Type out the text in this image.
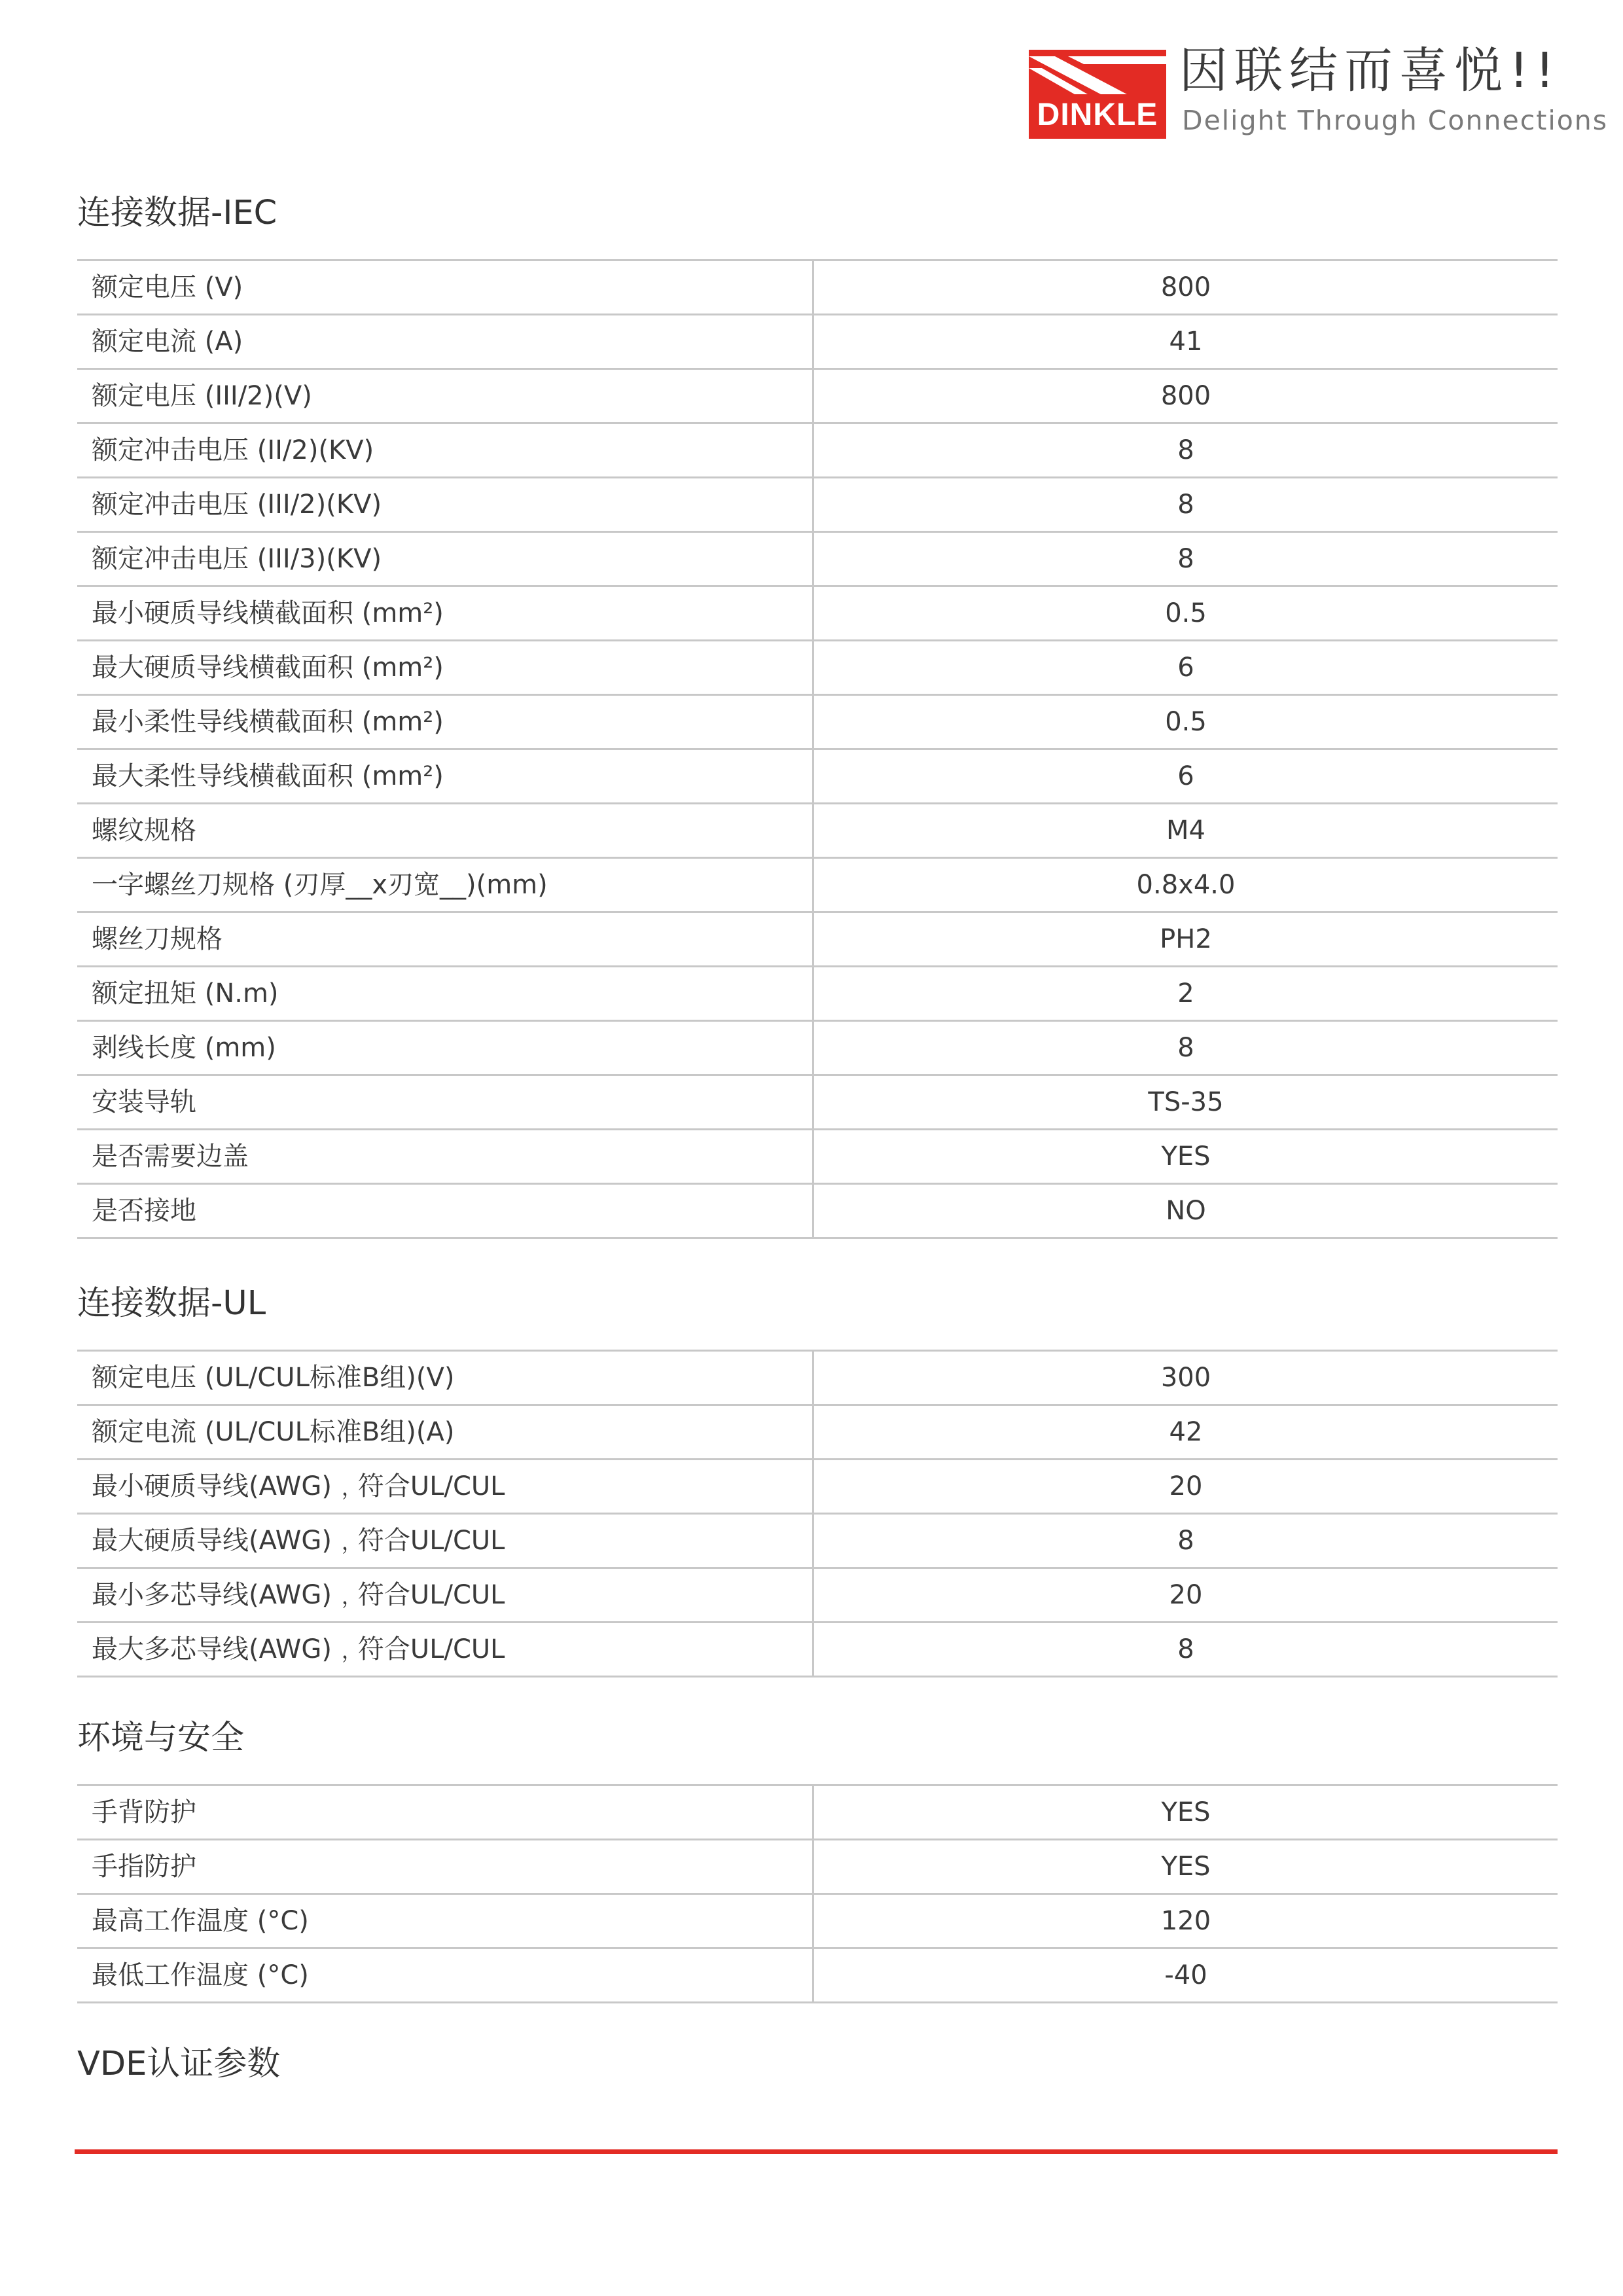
DINKLE
因联结而喜悦!!
Delight Through Connections
连接数据-IEC
额定电压 (V)	800
额定电流 (A)	41
额定电压 (III/2)(V)	800
额定冲击电压 (II/2)(KV)	8
额定冲击电压 (III/2)(KV)	8
额定冲击电压 (III/3)(KV)	8
最小硬质导线横截面积 (mm²)	0.5
最大硬质导线横截面积 (mm²)	6
最小柔性导线横截面积 (mm²)	0.5
最大柔性导线横截面积 (mm²)	6
螺纹规格	M4
一字螺丝刀规格 (刃厚__x刃宽__)(mm)	0.8x4.0
螺丝刀规格	PH2
额定扭矩 (N.m)	2
剥线长度 (mm)	8
安装导轨	TS-35
是否需要边盖	YES
是否接地	NO
连接数据-UL
额定电压 (UL/CUL标准B组)(V)	300
额定电流 (UL/CUL标准B组)(A)	42
最小硬质导线(AWG)﹐符合UL/CUL	20
最大硬质导线(AWG)﹐符合UL/CUL	8
最小多芯导线(AWG)﹐符合UL/CUL	20
最大多芯导线(AWG)﹐符合UL/CUL	8
环境与安全
手背防护	YES
手指防护	YES
最高工作温度 (°C)	120
最低工作温度 (°C)	-40
VDE认证参数
